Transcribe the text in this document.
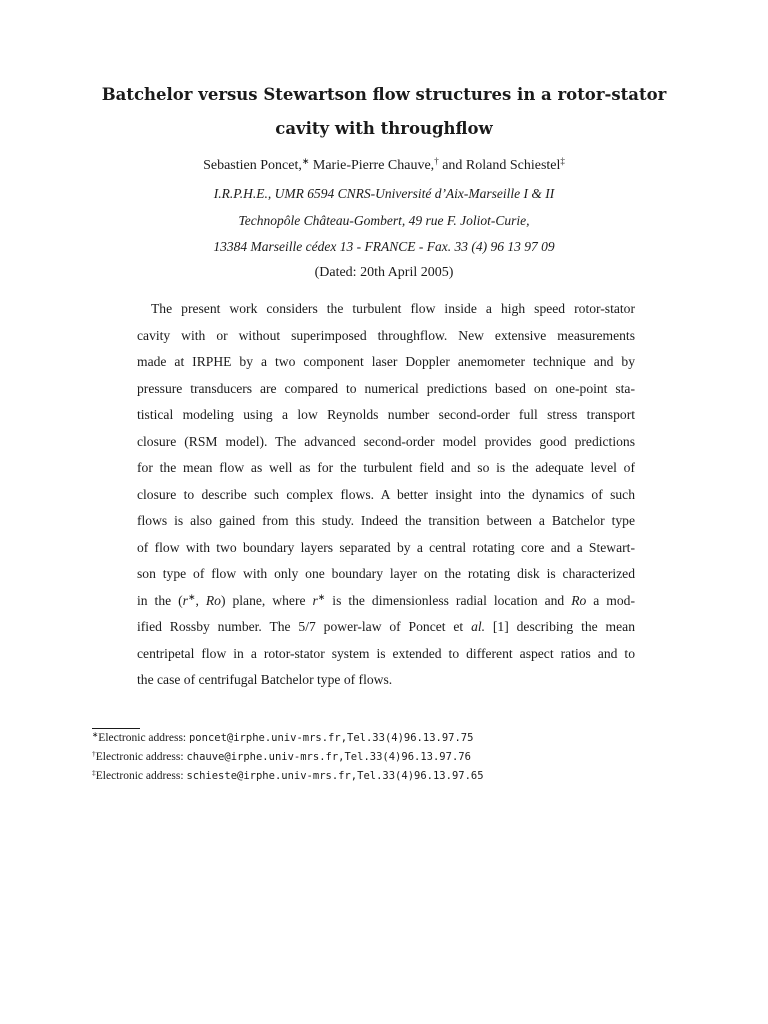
Batchelor versus Stewartson flow structures in a rotor-stator
cavity with throughflow
Sebastien Poncet,∗ Marie-Pierre Chauve,† and Roland Schiestel‡
I.R.P.H.E., UMR 6594 CNRS-Université d’Aix-Marseille I & II
Technopôle Château-Gombert, 49 rue F. Joliot-Curie,
13384 Marseille cédex 13 - FRANCE - Fax. 33 (4) 96 13 97 09
(Dated: 20th April 2005)
The present work considers the turbulent flow inside a high speed rotor-stator
cavity with or without superimposed throughflow. New extensive measurements
made at IRPHE by a two component laser Doppler anemometer technique and by
pressure transducers are compared to numerical predictions based on one-point sta-
tistical modeling using a low Reynolds number second-order full stress transport
closure (RSM model). The advanced second-order model provides good predictions
for the mean flow as well as for the turbulent field and so is the adequate level of
closure to describe such complex flows. A better insight into the dynamics of such
flows is also gained from this study. Indeed the transition between a Batchelor type
of flow with two boundary layers separated by a central rotating core and a Stewart-
son type of flow with only one boundary layer on the rotating disk is characterized
in the (r∗, Ro) plane, where r∗ is the dimensionless radial location and Ro a mod-
ified Rossby number. The 5/7 power-law of Poncet et al. [1] describing the mean
centripetal flow in a rotor-stator system is extended to different aspect ratios and to
the case of centrifugal Batchelor type of flows.
∗Electronic address: poncet@irphe.univ-mrs.fr,Tel.33(4)96.13.97.75
†Electronic address: chauve@irphe.univ-mrs.fr,Tel.33(4)96.13.97.76
‡Electronic address: schieste@irphe.univ-mrs.fr,Tel.33(4)96.13.97.65
